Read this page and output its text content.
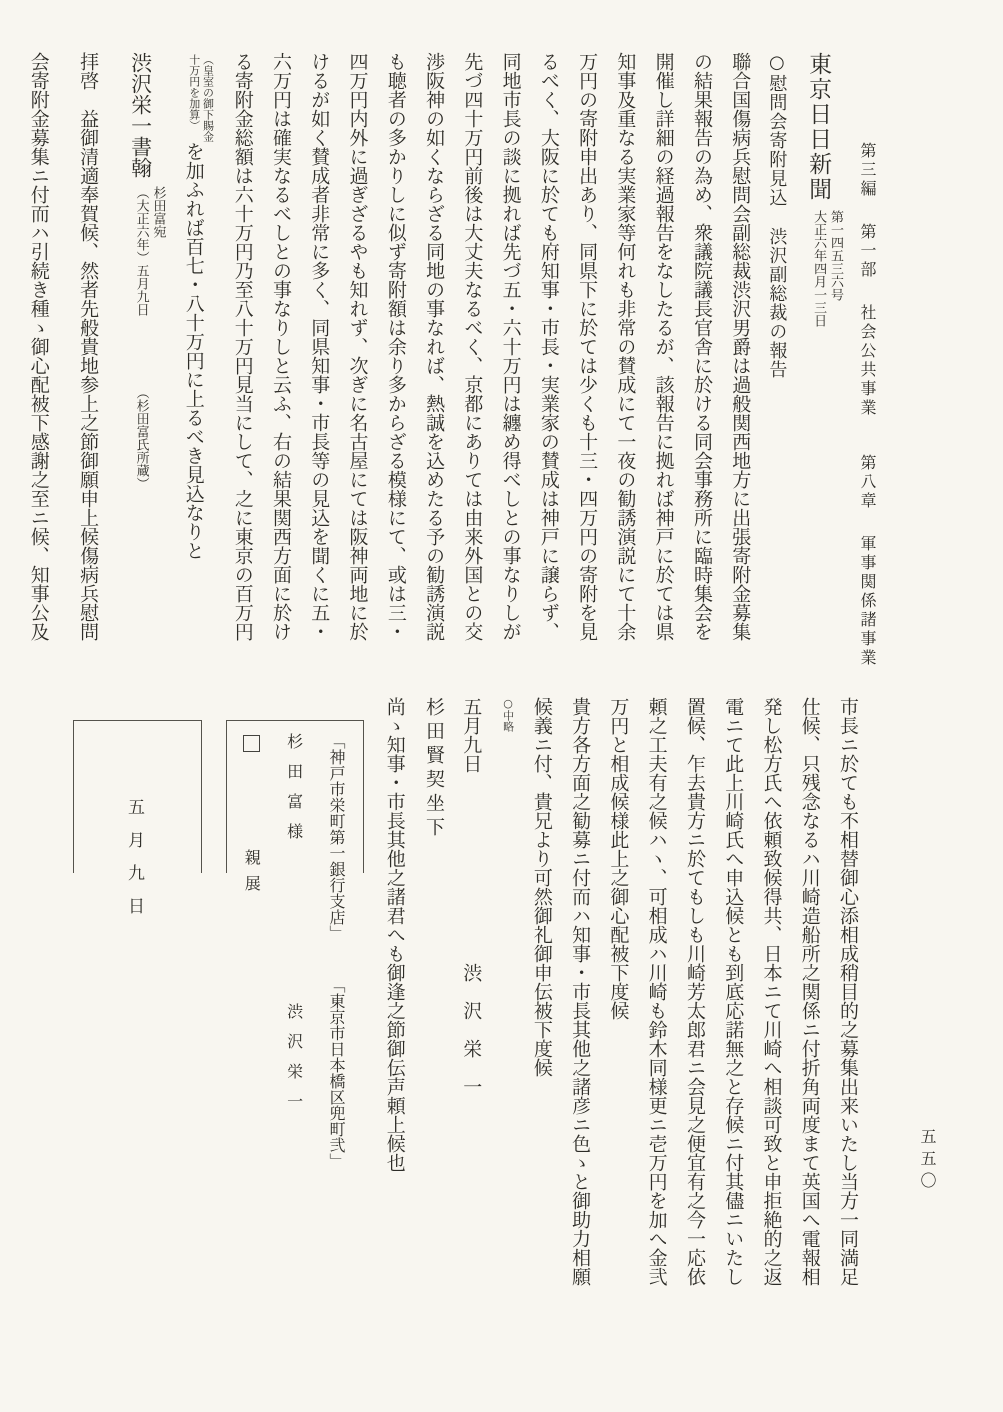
第三編第一部社会公共事業第八章軍事関係諸事業
五五〇

東京日日新聞第一四五三六号
大正六年四月一三日

○慰問会寄附見込渋沢副総裁の報告

聯合国傷病兵慰問会副総裁渋沢男爵は過般関西地方に出張寄附金募集

の結果報告の為め、衆議院議長官舎に於ける同会事務所に臨時集会を

開催し詳細の経過報告をなしたるが、該報告に拠れば神戸に於ては県

知事及重なる実業家等何れも非常の賛成にて一夜の勧誘演説にて十余

万円の寄附申出あり、同県下に於ては少くも十三・四万円の寄附を見

るべく、大阪に於ても府知事・市長・実業家の賛成は神戸に譲らず、

同地市長の談に拠れば先づ五・六十万円は纏め得べしとの事なりしが

先づ四十万円前後は大丈夫なるべく、京都にありては由来外国との交

渉阪神の如くならざる同地の事なれば、熱誠を込めたる予の勧誘演説

も聴者の多かりしに似ず寄附額は余り多からざる模様にて、或は三・

四万円内外に過ぎざるやも知れず、次ぎに名古屋にては阪神両地に於

けるが如く賛成者非常に多く、同県知事・市長等の見込を聞くに五・

六万円は確実なるべしとの事なりしと云ふ、右の結果関西方面に於け

る寄附金総額は六十万円乃至八十万円見当にして、之に東京の百万円

（皇室の御下賜金
十万円を加算）を加ふれば百七・八十万円に上るべき見込なりと

渋沢栄一書翰杉田富宛
（大正六年）五月九日（杉田富氏所蔵）

拝啓　益御清適奉賀候、然者先般貴地参上之節御願申上候傷病兵慰問

会寄附金募集ニ付而ハ引続き種ゝ御心配被下感謝之至ニ候、知事公及

市長ニ於ても不相替御心添相成稍目的之募集出来いたし当方一同満足

仕候、只残念なるハ川崎造船所之関係ニ付折角両度まて英国へ電報相

発し松方氏へ依頼致候得共、日本ニて川崎へ相談可致と申拒絶的之返

電ニて此上川崎氏へ申込候とも到底応諾無之と存候ニ付其儘ニいたし

置候、乍去貴方ニ於てもしも川崎芳太郎君ニ会見之便宜有之今一応依

頼之工夫有之候ハヽ、可相成ハ川崎も鈴木同様更ニ壱万円を加へ金弐

万円と相成候様此上之御心配被下度候

貴方各方面之勧募ニ付而ハ知事・市長其他之諸彦ニ色ゝと御助力相願

候義ニ付、貴兄より可然御礼御申伝被下度候

○中略

五月九日渋　沢　栄　一

杉田賢契坐下

尚ゝ知事・市長其他之諸君へも御逢之節御伝声頼上候也

「神戸市栄町第一銀行支店」「東京市日本橋区兜町弐」

杉田富様渋沢栄一

親展

五月九日
